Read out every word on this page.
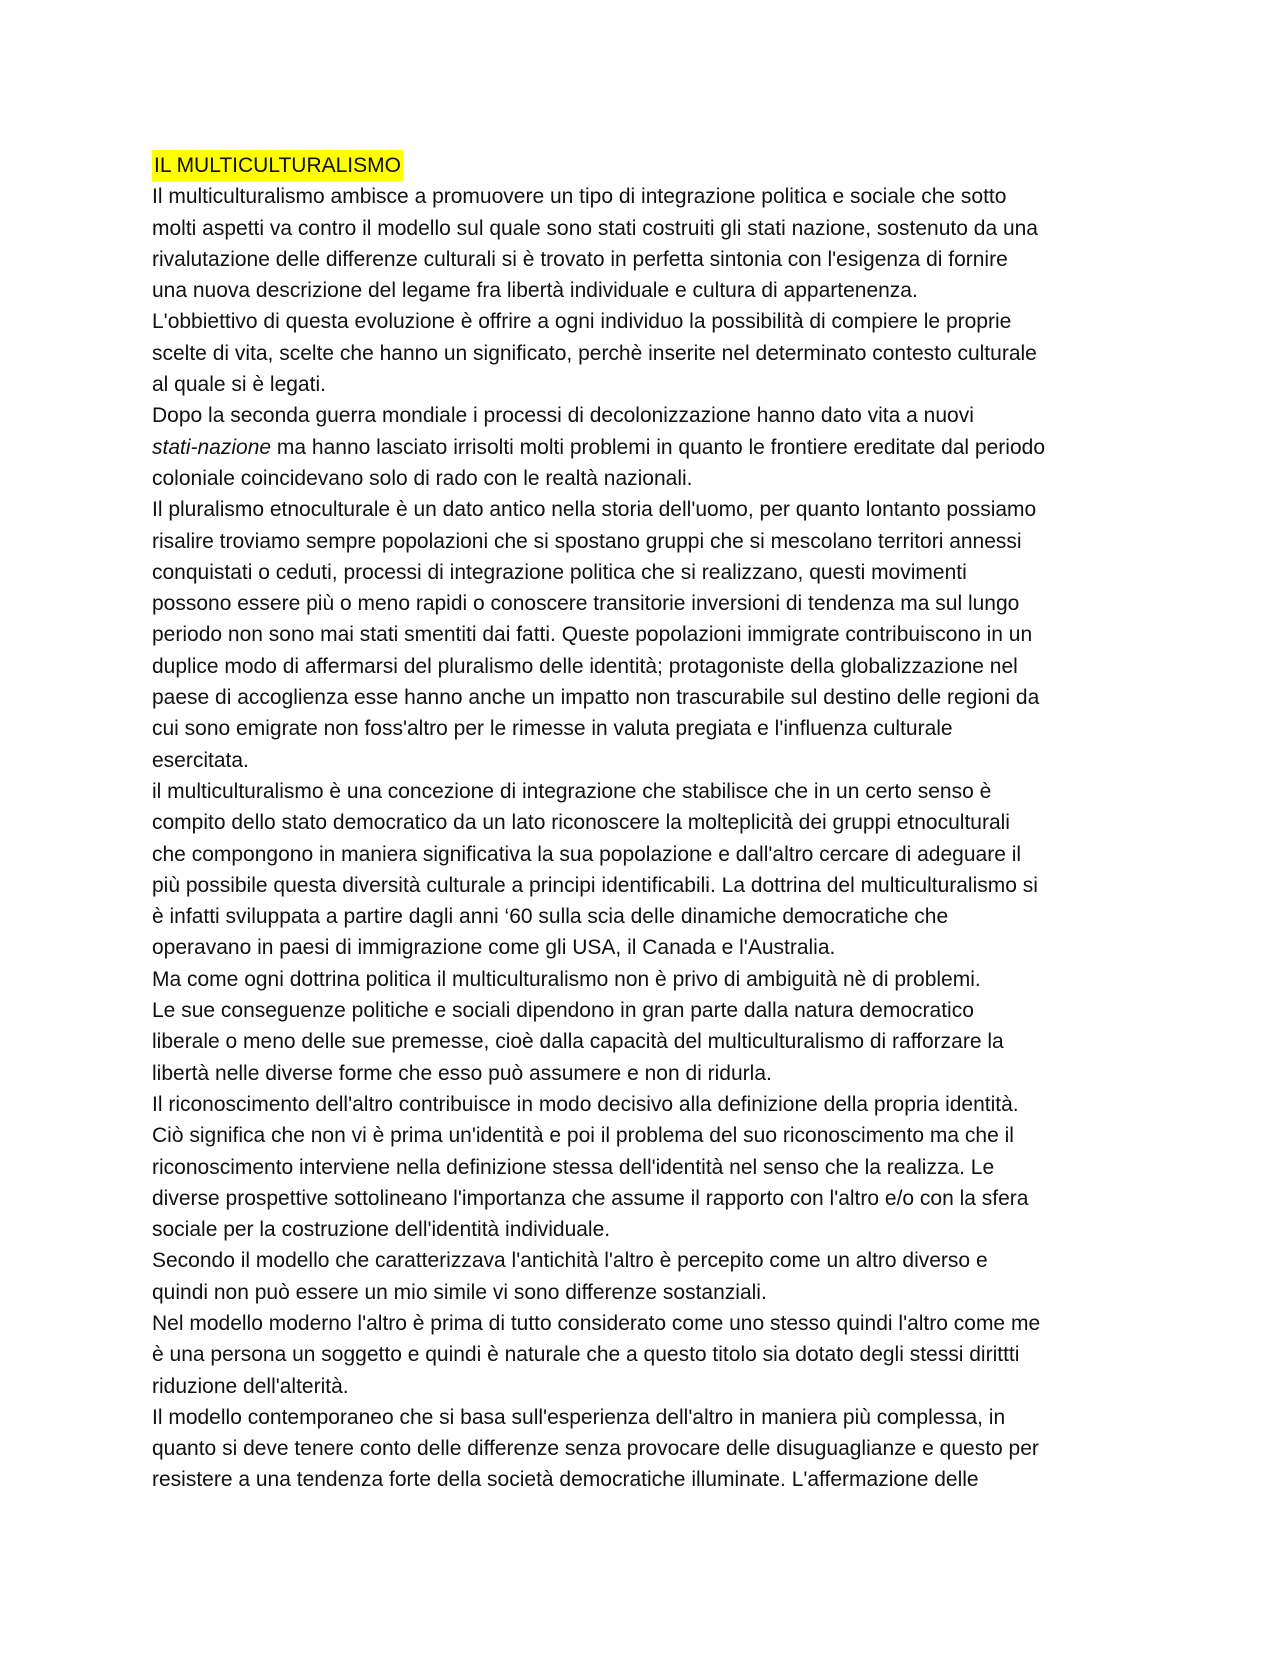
IL MULTICULTURALISMO

Il multiculturalismo ambisce a promuovere un tipo di integrazione politica e sociale che sotto
molti aspetti va contro il modello sul quale sono stati costruiti gli stati nazione, sostenuto da una
rivalutazione delle differenze culturali si è trovato in perfetta sintonia con l'esigenza di fornire
una nuova descrizione del legame fra libertà individuale e cultura di appartenenza.

L'obbiettivo di questa evoluzione è offrire a ogni individuo la possibilità di compiere le proprie
scelte di vita, scelte che hanno un significato, perchè inserite nel determinato contesto culturale
al quale si è legati.

Dopo la seconda guerra mondiale i processi di decolonizzazione hanno dato vita a nuovi
stati-nazione ma hanno lasciato irrisolti molti problemi in quanto le frontiere ereditate dal periodo
coloniale coincidevano solo di rado con le realtà nazionali.

Il pluralismo etnoculturale è un dato antico nella storia dell'uomo, per quanto lontanto possiamo
risalire troviamo sempre popolazioni che si spostano gruppi che si mescolano territori annessi
conquistati o ceduti, processi di integrazione politica che si realizzano, questi movimenti
possono essere più o meno rapidi o conoscere transitorie inversioni di tendenza ma sul lungo
periodo non sono mai stati smentiti dai fatti. Queste popolazioni immigrate contribuiscono in un
duplice modo di affermarsi del pluralismo delle identità; protagoniste della globalizzazione nel
paese di accoglienza esse hanno anche un impatto non trascurabile sul destino delle regioni da
cui sono emigrate non foss'altro per le rimesse in valuta pregiata e l'influenza culturale
esercitata.

il multiculturalismo è una concezione di integrazione che stabilisce che in un certo senso è
compito dello stato democratico da un lato riconoscere la molteplicità dei gruppi etnoculturali
che compongono in maniera significativa la sua popolazione e dall'altro cercare di adeguare il
più possibile questa diversità culturale a principi identificabili. La dottrina del multiculturalismo si
è infatti sviluppata a partire dagli anni ‘60 sulla scia delle dinamiche democratiche che
operavano in paesi di immigrazione come gli USA, il Canada e l'Australia.

Ma come ogni dottrina politica il multiculturalismo non è privo di ambiguità nè di problemi.

Le sue conseguenze politiche e sociali dipendono in gran parte dalla natura democratico
liberale o meno delle sue premesse, cioè dalla capacità del multiculturalismo di rafforzare la
libertà nelle diverse forme che esso può assumere e non di ridurla.

Il riconoscimento dell'altro contribuisce in modo decisivo alla definizione della propria identità.
Ciò significa che non vi è prima un'identità e poi il problema del suo riconoscimento ma che il
riconoscimento interviene nella definizione stessa dell'identità nel senso che la realizza. Le
diverse prospettive sottolineano l'importanza che assume il rapporto con l'altro e/o con la sfera
sociale per la costruzione dell'identità individuale.

Secondo il modello che caratterizzava l'antichità l'altro è percepito come un altro diverso e
quindi non può essere un mio simile vi sono differenze sostanziali.

Nel modello moderno l'altro è prima di tutto considerato come uno stesso quindi l'altro come me
è una persona un soggetto e quindi è naturale che a questo titolo sia dotato degli stessi dirittti
riduzione dell'alterità.

Il modello contemporaneo che si basa sull'esperienza dell'altro in maniera più complessa, in
quanto si deve tenere conto delle differenze senza provocare delle disuguaglianze e questo per
resistere a una tendenza forte della società democratiche illuminate. L'affermazione delle
